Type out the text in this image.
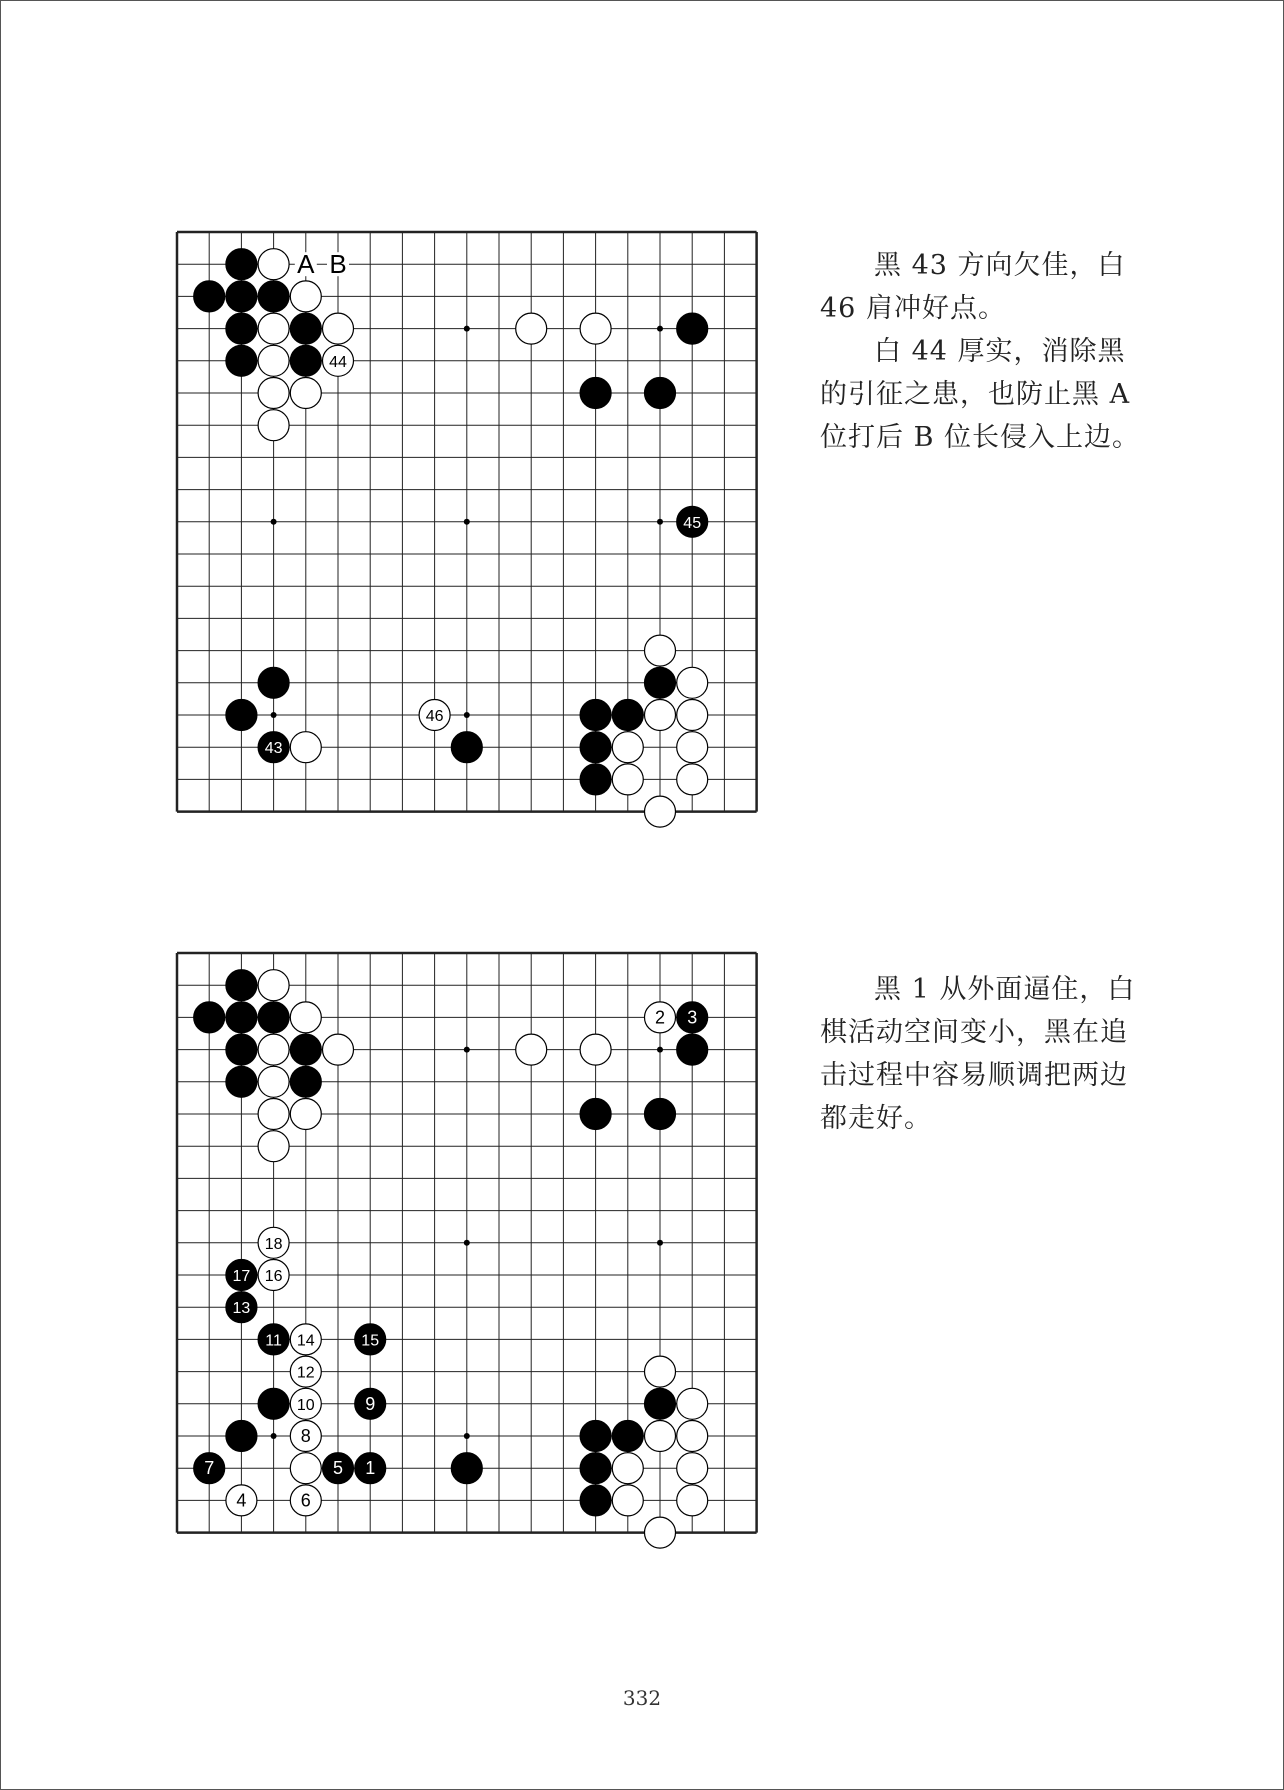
44
46
45
43
A B	黑 43 方向欠佳，白 46 肩冲好点。

白 44 厚实，消除黑的引征之患，也防止黑 A 位打后 B 位长侵入上边。

2
18
16
14
12
10
8
4	6
3
17
13
11	15
9
7	5 1

黑 1 从外面逼住，白棋活动空间变小，黑在追击过程中容易顺调把两边都走好。

332
